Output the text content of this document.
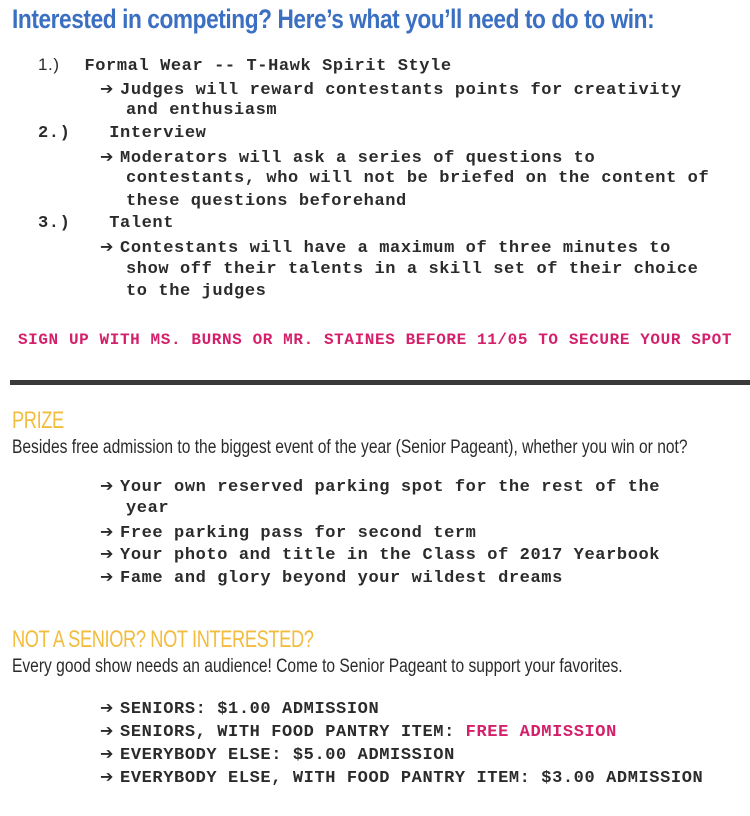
Interested in competing? Here’s what you’ll need to do to win:
1.) Formal Wear -- T-Hawk Spirit Style
➔ Judges will reward contestants points for creativity
and enthusiasm
2.) Interview
➔ Moderators will ask a series of questions to
contestants, who will not be briefed on the content of
these questions beforehand
3.) Talent
➔ Contestants will have a maximum of three minutes to
show off their talents in a skill set of their choice
to the judges
SIGN UP WITH MS. BURNS OR MR. STAINES BEFORE 11/05 TO SECURE YOUR SPOT
PRIZE
Besides free admission to the biggest event of the year (Senior Pageant), whether you win or not?
➔ Your own reserved parking spot for the rest of the
year
➔ Free parking pass for second term
➔ Your photo and title in the Class of 2017 Yearbook
➔ Fame and glory beyond your wildest dreams
NOT A SENIOR? NOT INTERESTED?
Every good show needs an audience! Come to Senior Pageant to support your favorites.
➔ SENIORS: $1.00 ADMISSION
➔ SENIORS, WITH FOOD PANTRY ITEM: FREE ADMISSION
➔ EVERYBODY ELSE: $5.00 ADMISSION
➔ EVERYBODY ELSE, WITH FOOD PANTRY ITEM: $3.00 ADMISSION
